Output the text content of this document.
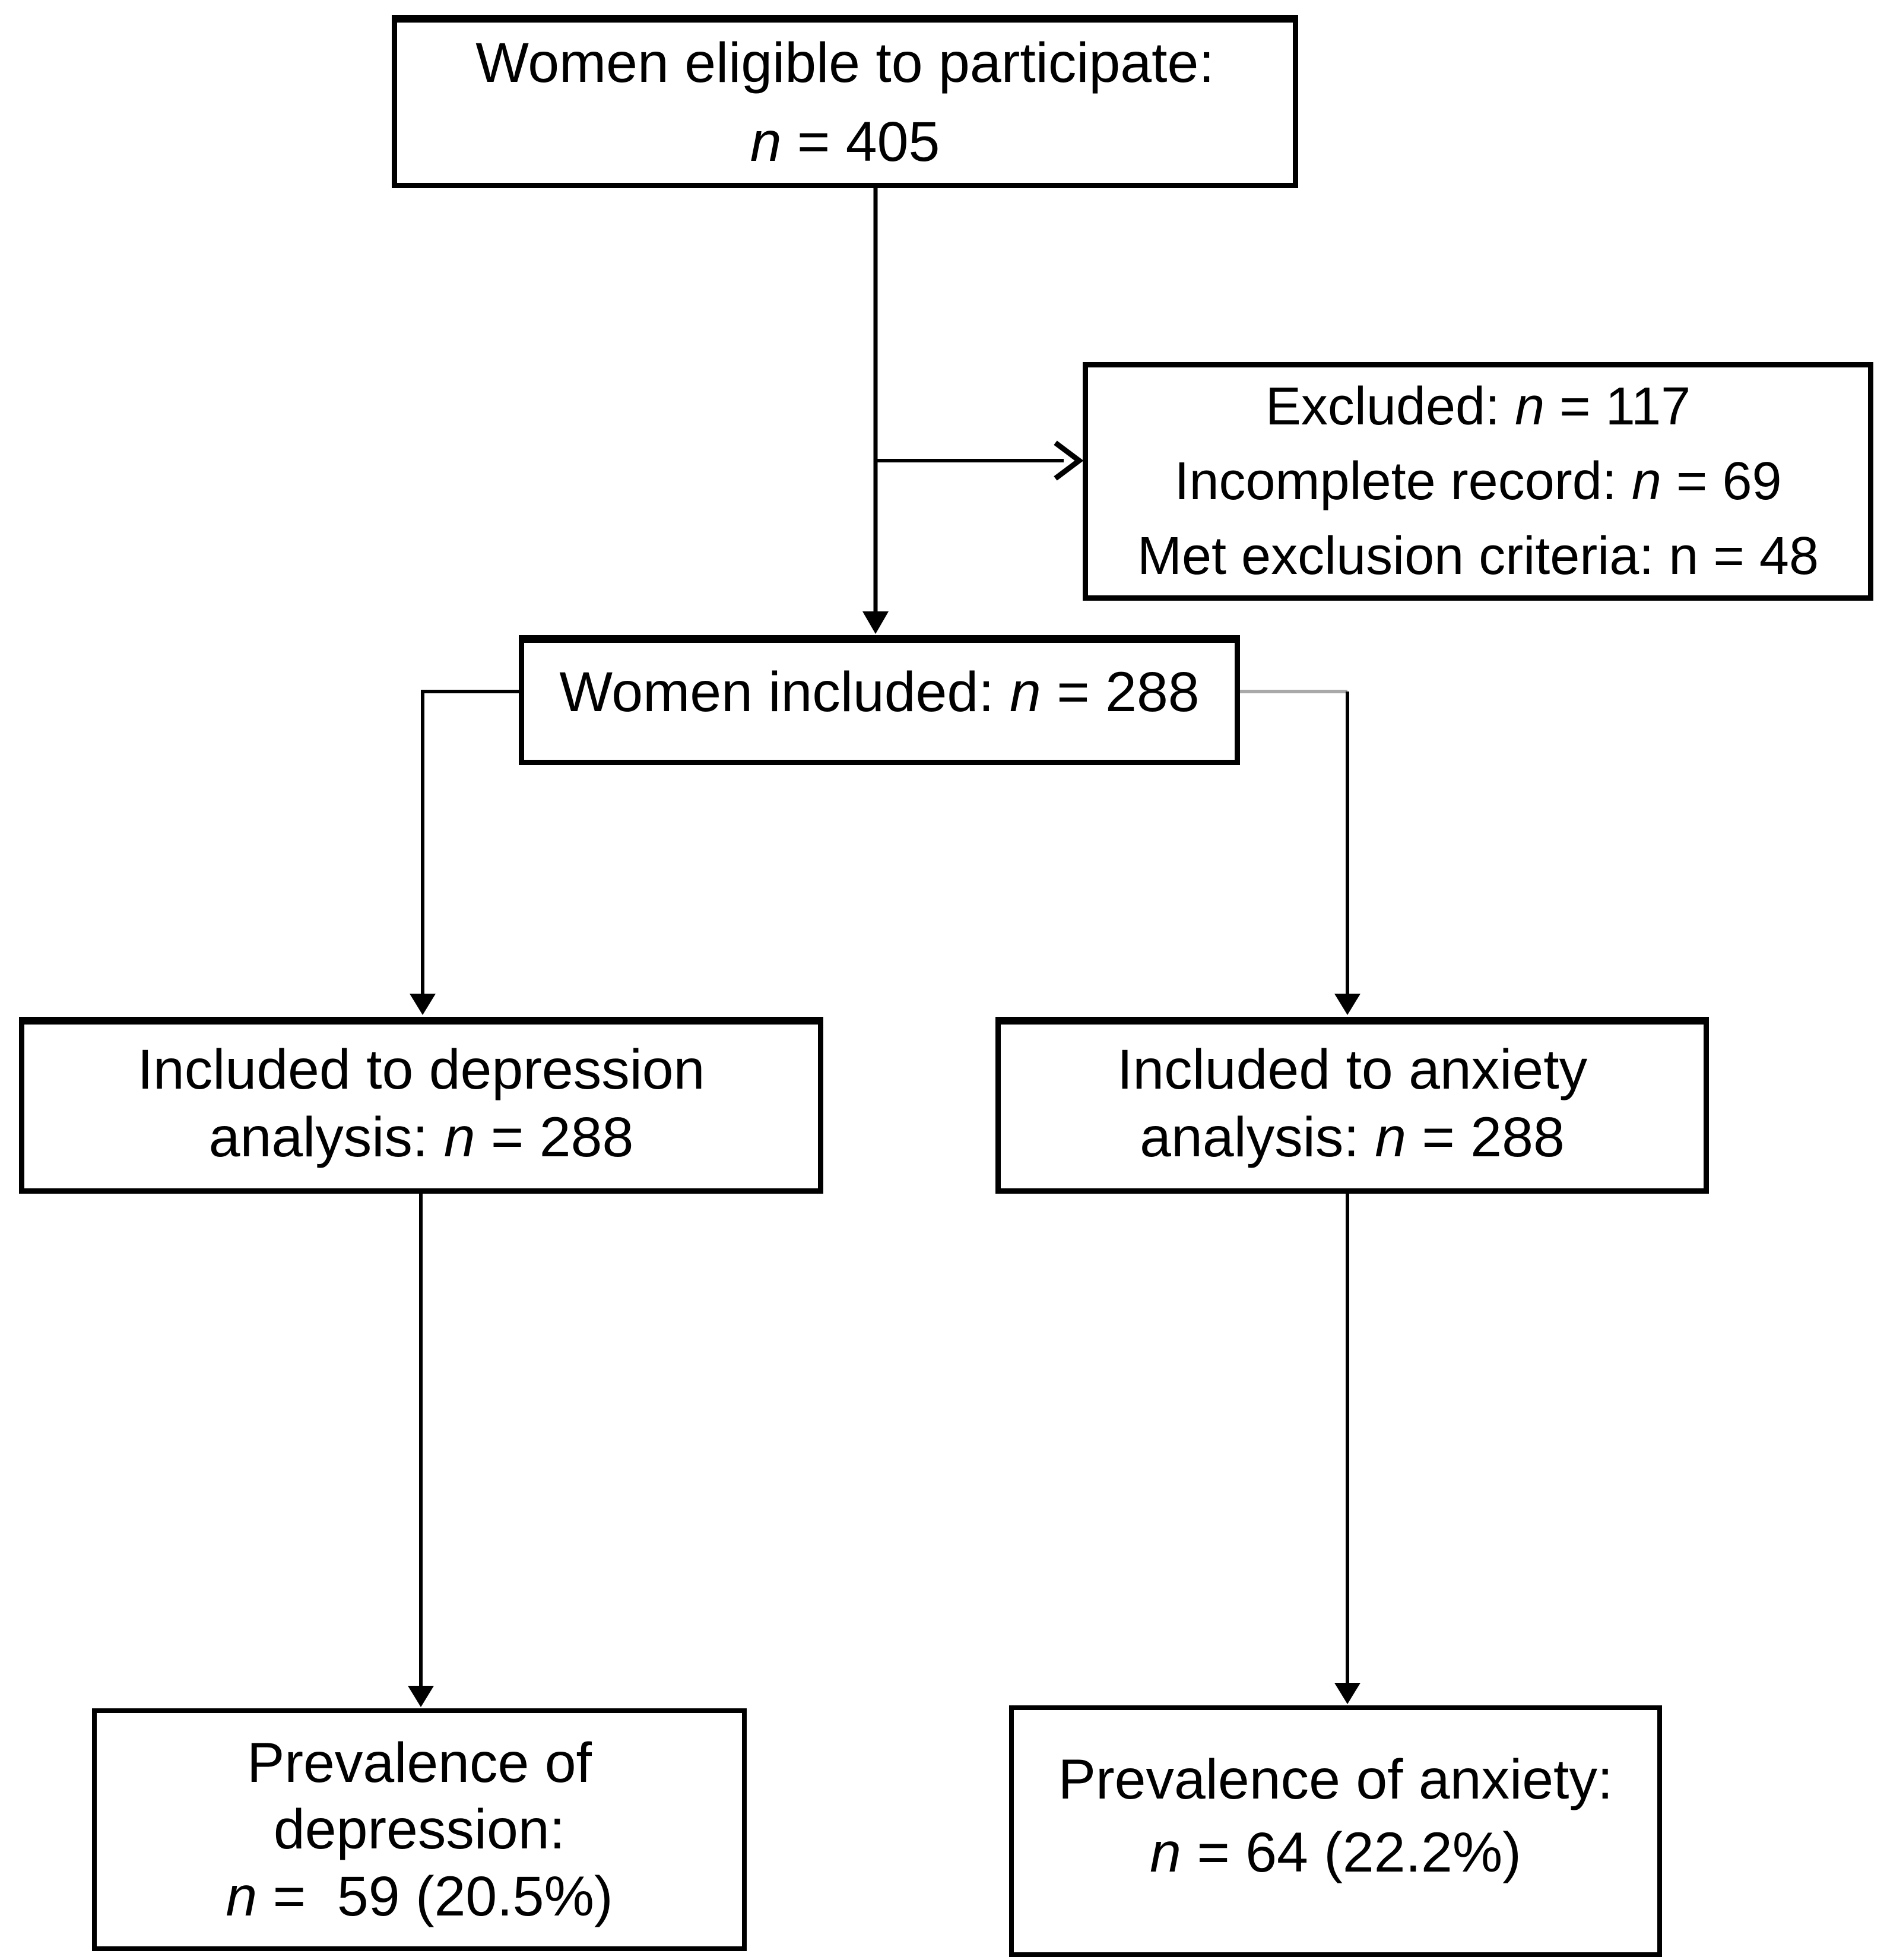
Women eligible to participate:
n = 405
Excluded: n = 117
Incomplete record: n = 69
Met exclusion criteria: n = 48
Women included: n = 288
Included to depression
analysis: n = 288
Included to anxiety
analysis: n = 288
Prevalence of
depression:
n =  59 (20.5%)
Prevalence of anxiety:
n = 64 (22.2%)
